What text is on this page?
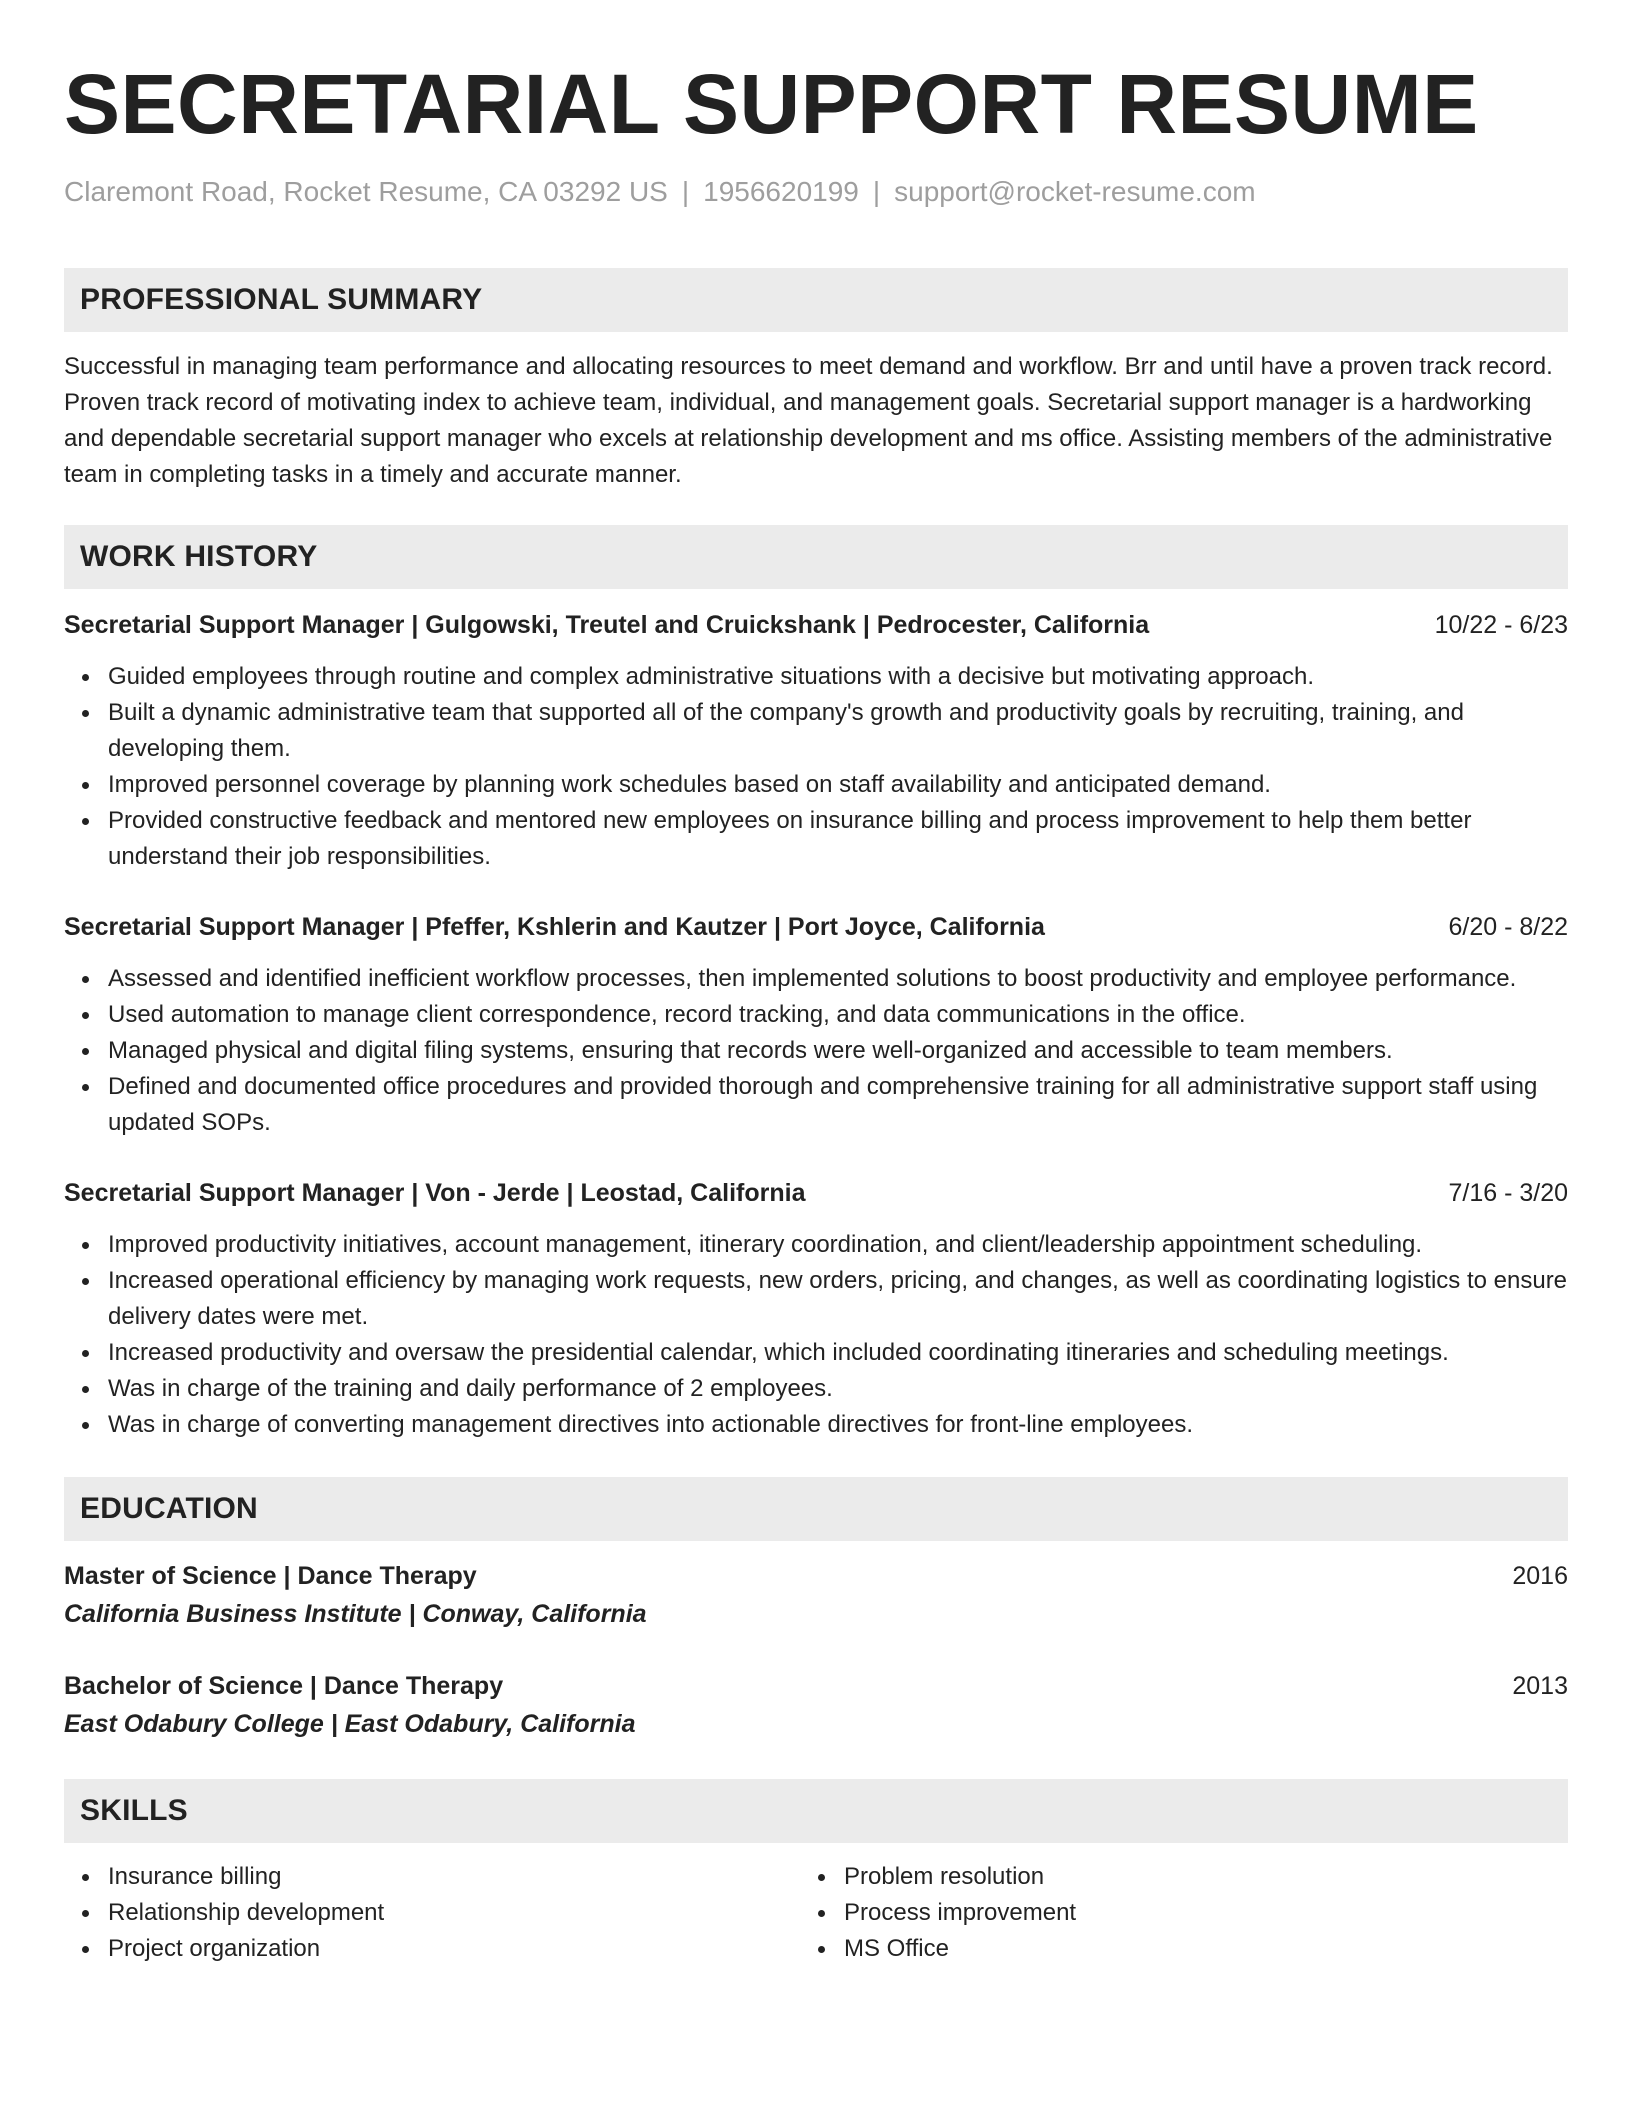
SECRETARIAL SUPPORT RESUME
Claremont Road, Rocket Resume, CA 03292 US | 1956620199 | support@rocket-resume.com
PROFESSIONAL SUMMARY

Successful in managing team performance and allocating resources to meet demand and workflow. Brr and until have a proven track record. Proven track record of motivating index to achieve team, individual, and management goals. Secretarial support manager is a hardworking and dependable secretarial support manager who excels at relationship development and ms office. Assisting members of the administrative team in completing tasks in a timely and accurate manner.

WORK HISTORY
Secretarial Support Manager | Gulgowski, Treutel and Cruickshank | Pedrocester, California	10/22 - 6/23
Guided employees through routine and complex administrative situations with a decisive but motivating approach.
Built a dynamic administrative team that supported all of the company's growth and productivity goals by recruiting, training, and developing them.
Improved personnel coverage by planning work schedules based on staff availability and anticipated demand.
Provided constructive feedback and mentored new employees on insurance billing and process improvement to help them better understand their job responsibilities.
Secretarial Support Manager | Pfeffer, Kshlerin and Kautzer | Port Joyce, California	6/20 - 8/22
Assessed and identified inefficient workflow processes, then implemented solutions to boost productivity and employee performance.
Used automation to manage client correspondence, record tracking, and data communications in the office.
Managed physical and digital filing systems, ensuring that records were well-organized and accessible to team members.
Defined and documented office procedures and provided thorough and comprehensive training for all administrative support staff using updated SOPs.
Secretarial Support Manager | Von - Jerde | Leostad, California	7/16 - 3/20
Improved productivity initiatives, account management, itinerary coordination, and client/leadership appointment scheduling.
Increased operational efficiency by managing work requests, new orders, pricing, and changes, as well as coordinating logistics to ensure delivery dates were met.
Increased productivity and oversaw the presidential calendar, which included coordinating itineraries and scheduling meetings.
Was in charge of the training and daily performance of 2 employees.
Was in charge of converting management directives into actionable directives for front-line employees.
EDUCATION
Master of Science | Dance Therapy	2016
California Business Institute | Conway, California
Bachelor of Science | Dance Therapy	2013
East Odabury College | East Odabury, California
SKILLS
Insurance billing
Relationship development
Project organization
Problem resolution
Process improvement
MS Office
